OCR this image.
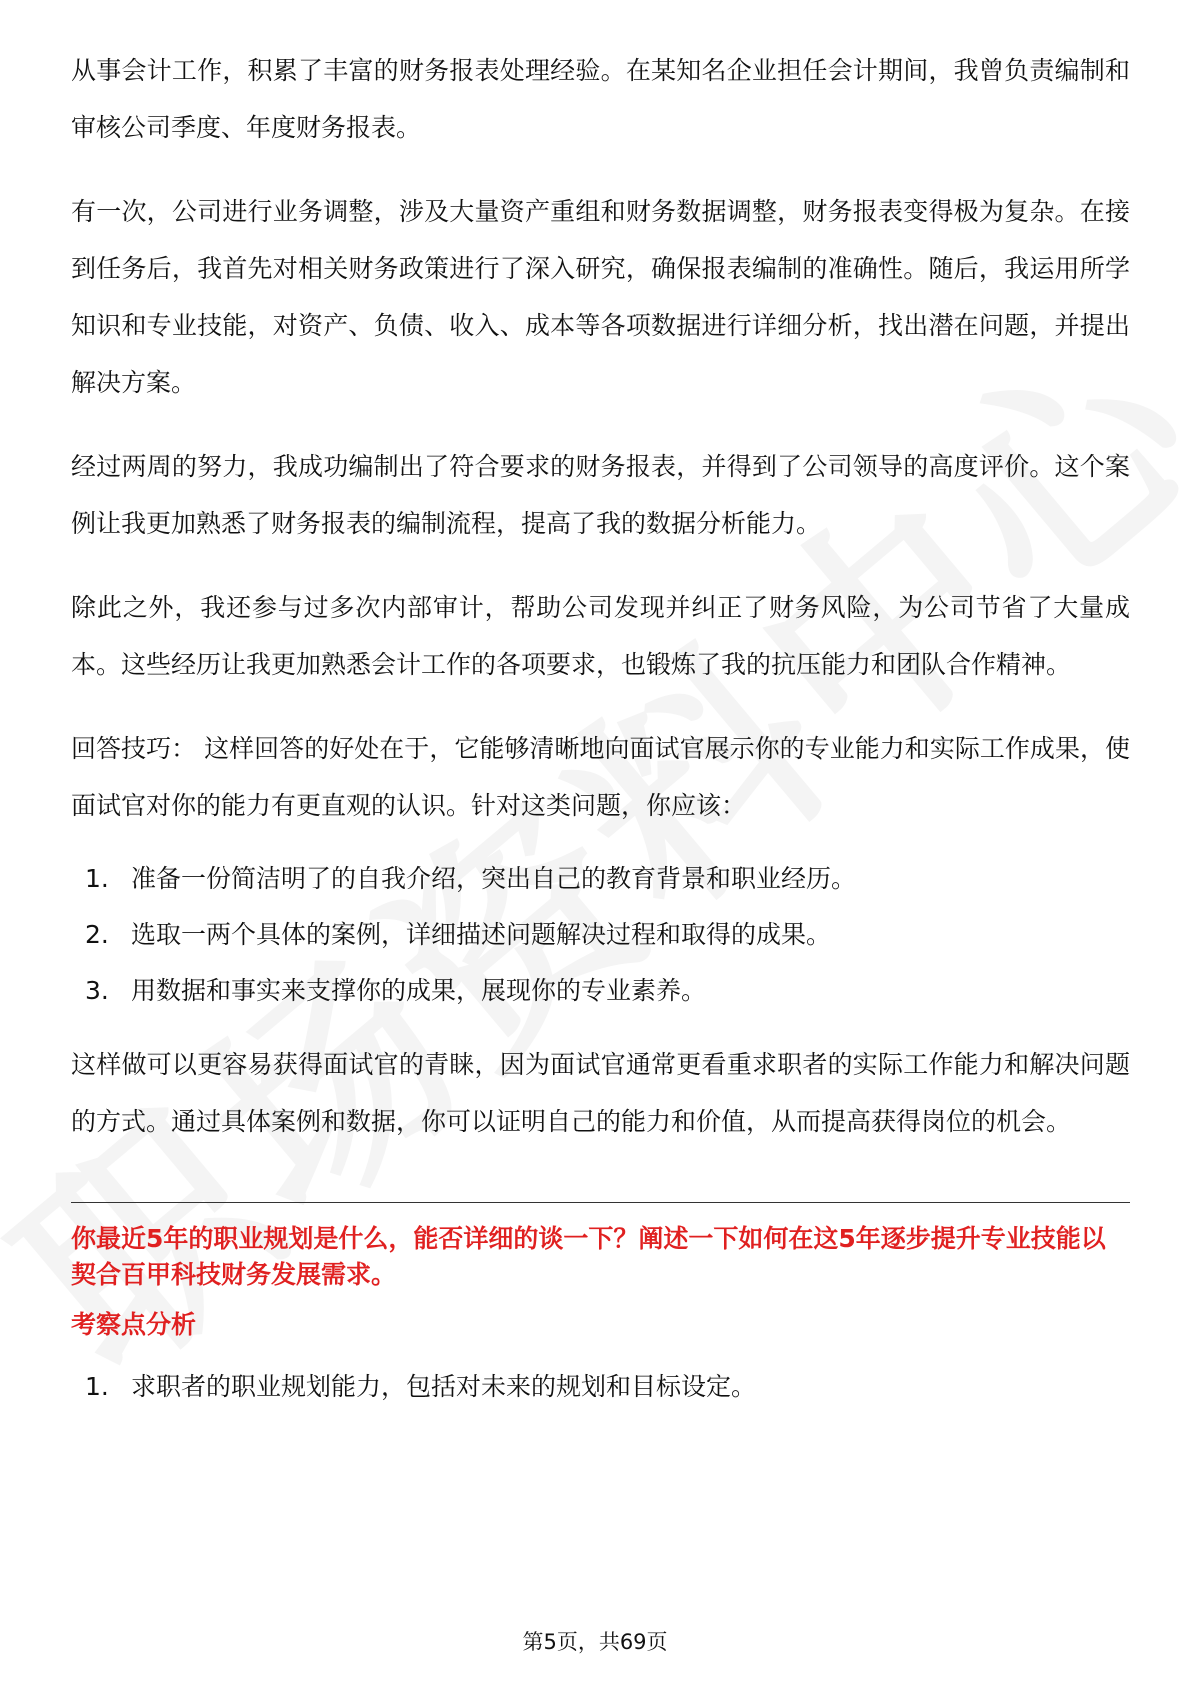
从事会计工作，积累了丰富的财务报表处理经验。在某知名企业担任会计期间，我曾负责编制和审核公司季度、年度财务报表。

有一次，公司进行业务调整，涉及大量资产重组和财务数据调整，财务报表变得极为复杂。在接到任务后，我首先对相关财务政策进行了深入研究，确保报表编制的准确性。随后，我运用所学知识和专业技能，对资产、负债、收入、成本等各项数据进行详细分析，找出潜在问题，并提出解决方案。

经过两周的努力，我成功编制出了符合要求的财务报表，并得到了公司领导的高度评价。这个案例让我更加熟悉了财务报表的编制流程，提高了我的数据分析能力。

除此之外，我还参与过多次内部审计，帮助公司发现并纠正了财务风险，为公司节省了大量成本。这些经历让我更加熟悉会计工作的各项要求，也锻炼了我的抗压能力和团队合作精神。

回答技巧： 这样回答的好处在于，它能够清晰地向面试官展示你的专业能力和实际工作成果，使面试官对你的能力有更直观的认识。针对这类问题，你应该：

1. 准备一份简洁明了的自我介绍，突出自己的教育背景和职业经历。
2. 选取一两个具体的案例，详细描述问题解决过程和取得的成果。
3. 用数据和事实来支撑你的成果，展现你的专业素养。

这样做可以更容易获得面试官的青睐，因为面试官通常更看重求职者的实际工作能力和解决问题的方式。通过具体案例和数据，你可以证明自己的能力和价值，从而提高获得岗位的机会。

你最近5年的职业规划是什么，能否详细的谈一下？阐述一下如何在这5年逐步提升专业技能以契合百甲科技财务发展需求。

考察点分析

1. 求职者的职业规划能力，包括对未来的规划和目标设定。
第5页，共69页
